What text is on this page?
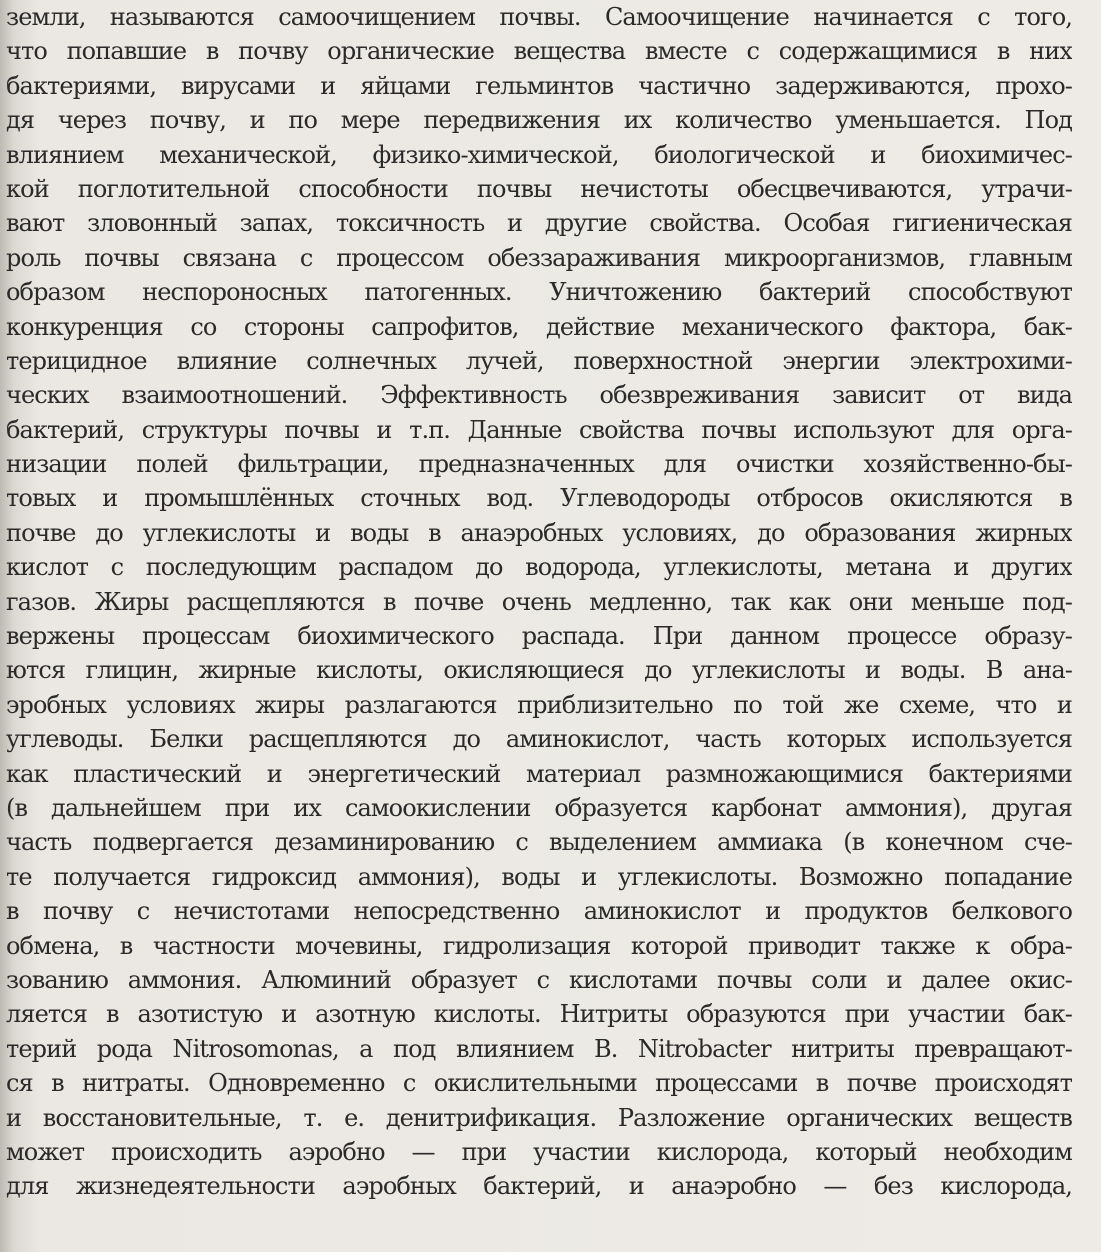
земли, называются самоочищением почвы. Самоочищение начинается с того,
что попавшие в почву органические вещества вместе с содержащимися в них
бактериями, вирусами и яйцами гельминтов частично задерживаются, прохо-
дя через почву, и по мере передвижения их количество уменьшается. Под
влиянием механической, физико-химической, биологической и биохимичес-
кой поглотительной способности почвы нечистоты обесцвечиваются, утрачи-
вают зловонный запах, токсичность и другие свойства. Особая гигиеническая
роль почвы связана с процессом обеззараживания микроорганизмов, главным
образом неспороносных патогенных. Уничтожению бактерий способствуют
конкуренция со стороны сапрофитов, действие механического фактора, бак-
терицидное влияние солнечных лучей, поверхностной энергии электрохими-
ческих взаимоотношений. Эффективность обезвреживания зависит от вида
бактерий, структуры почвы и т.п. Данные свойства почвы используют для орга-
низации полей фильтрации, предназначенных для очистки хозяйственно-бы-
товых и промышлённых сточных вод. Углеводороды отбросов окисляются в
почве до углекислоты и воды в анаэробных условиях, до образования жирных
кислот с последующим распадом до водорода, углекислоты, метана и других
газов. Жиры расщепляются в почве очень медленно, так как они меньше под-
вержены процессам биохимического распада. При данном процессе образу-
ются глицин, жирные кислоты, окисляющиеся до углекислоты и воды. В ана-
эробных условиях жиры разлагаются приблизительно по той же схеме, что и
углеводы. Белки расщепляются до аминокислот, часть которых используется
как пластический и энергетический материал размножающимися бактериями
(в дальнейшем при их самоокислении образуется карбонат аммония), другая
часть подвергается дезаминированию с выделением аммиака (в конечном сче-
те получается гидроксид аммония), воды и углекислоты. Возможно попадание
в почву с нечистотами непосредственно аминокислот и продуктов белкового
обмена, в частности мочевины, гидролизация которой приводит также к обра-
зованию аммония. Алюминий образует с кислотами почвы соли и далее окис-
ляется в азотистую и азотную кислоты. Нитриты образуются при участии бак-
терий рода Nitrosomonas, а под влиянием B. Nitrobacter нитриты превращают-
ся в нитраты. Одновременно с окислительными процессами в почве происходят
и восстановительные, т. е. денитрификация. Разложение органических веществ
может происходить аэробно — при участии кислорода, который необходим
для жизнедеятельности аэробных бактерий, и анаэробно — без кислорода,
